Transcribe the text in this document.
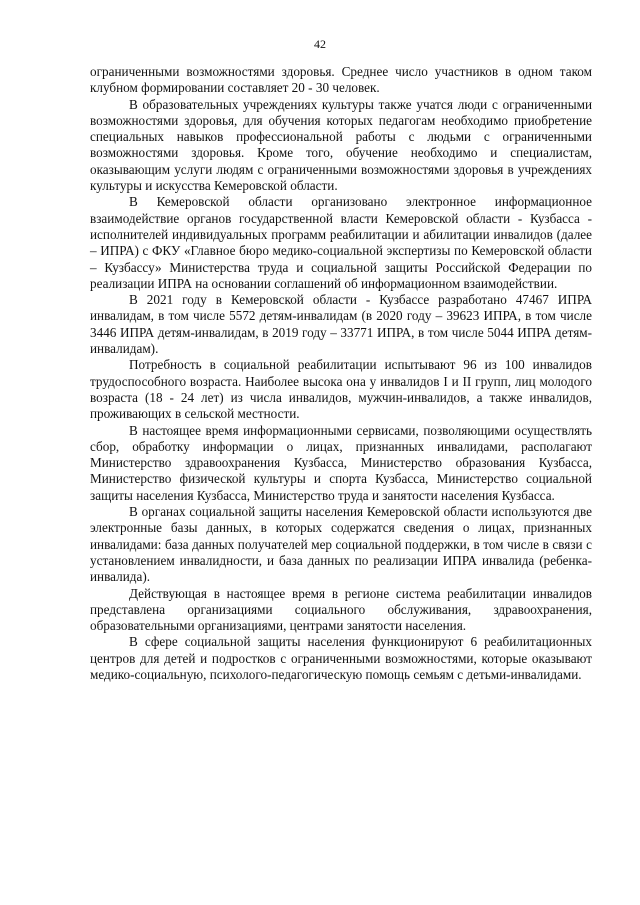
42

ограниченными возможностями здоровья. Среднее число участников в одном таком клубном формировании составляет 20 - 30 человек.

В образовательных учреждениях культуры также учатся люди с ограниченными возможностями здоровья, для обучения которых педагогам необходимо приобретение специальных навыков профессиональной работы с людьми с ограниченными возможностями здоровья. Кроме того, обучение необходимо и специалистам, оказывающим услуги людям с ограниченными возможностями здоровья в учреждениях культуры и искусства Кемеровской области.

В Кемеровской области организовано электронное информационное взаимодействие органов государственной власти Кемеровской области - Кузбасса - исполнителей индивидуальных программ реабилитации и абилитации инвалидов (далее – ИПРА) с ФКУ «Главное бюро медико-социальной экспертизы по Кемеровской области – Кузбассу» Министерства труда и социальной защиты Российской Федерации по реализации ИПРА на основании соглашений об информационном взаимодействии.

В 2021 году в Кемеровской области - Кузбассе разработано 47467 ИПРА инвалидам, в том числе 5572 детям-инвалидам (в 2020 году – 39623 ИПРА, в том числе 3446 ИПРА детям-инвалидам, в 2019 году – 33771 ИПРА, в том числе 5044 ИПРА детям-инвалидам).

Потребность в социальной реабилитации испытывают 96 из 100 инвалидов трудоспособного возраста. Наиболее высока она у инвалидов I и II групп, лиц молодого возраста (18 - 24 лет) из числа инвалидов, мужчин-инвалидов, а также инвалидов, проживающих в сельской местности.

В настоящее время информационными сервисами, позволяющими осуществлять сбор, обработку информации о лицах, признанных инвалидами, располагают Министерство здравоохранения Кузбасса, Министерство образования Кузбасса, Министерство физической культуры и спорта Кузбасса, Министерство социальной защиты населения Кузбасса, Министерство труда и занятости населения Кузбасса.

В органах социальной защиты населения Кемеровской области используются две электронные базы данных, в которых содержатся сведения о лицах, признанных инвалидами: база данных получателей мер социальной поддержки, в том числе в связи с установлением инвалидности, и база данных по реализации ИПРА инвалида (ребенка-инвалида).

Действующая в настоящее время в регионе система реабилитации инвалидов представлена организациями социального обслуживания, здравоохранения, образовательными организациями, центрами занятости населения.

В сфере социальной защиты населения функционируют 6 реабилитационных центров для детей и подростков с ограниченными возможностями, которые оказывают медико-социальную, психолого-педагогическую помощь семьям с детьми-инвалидами.
